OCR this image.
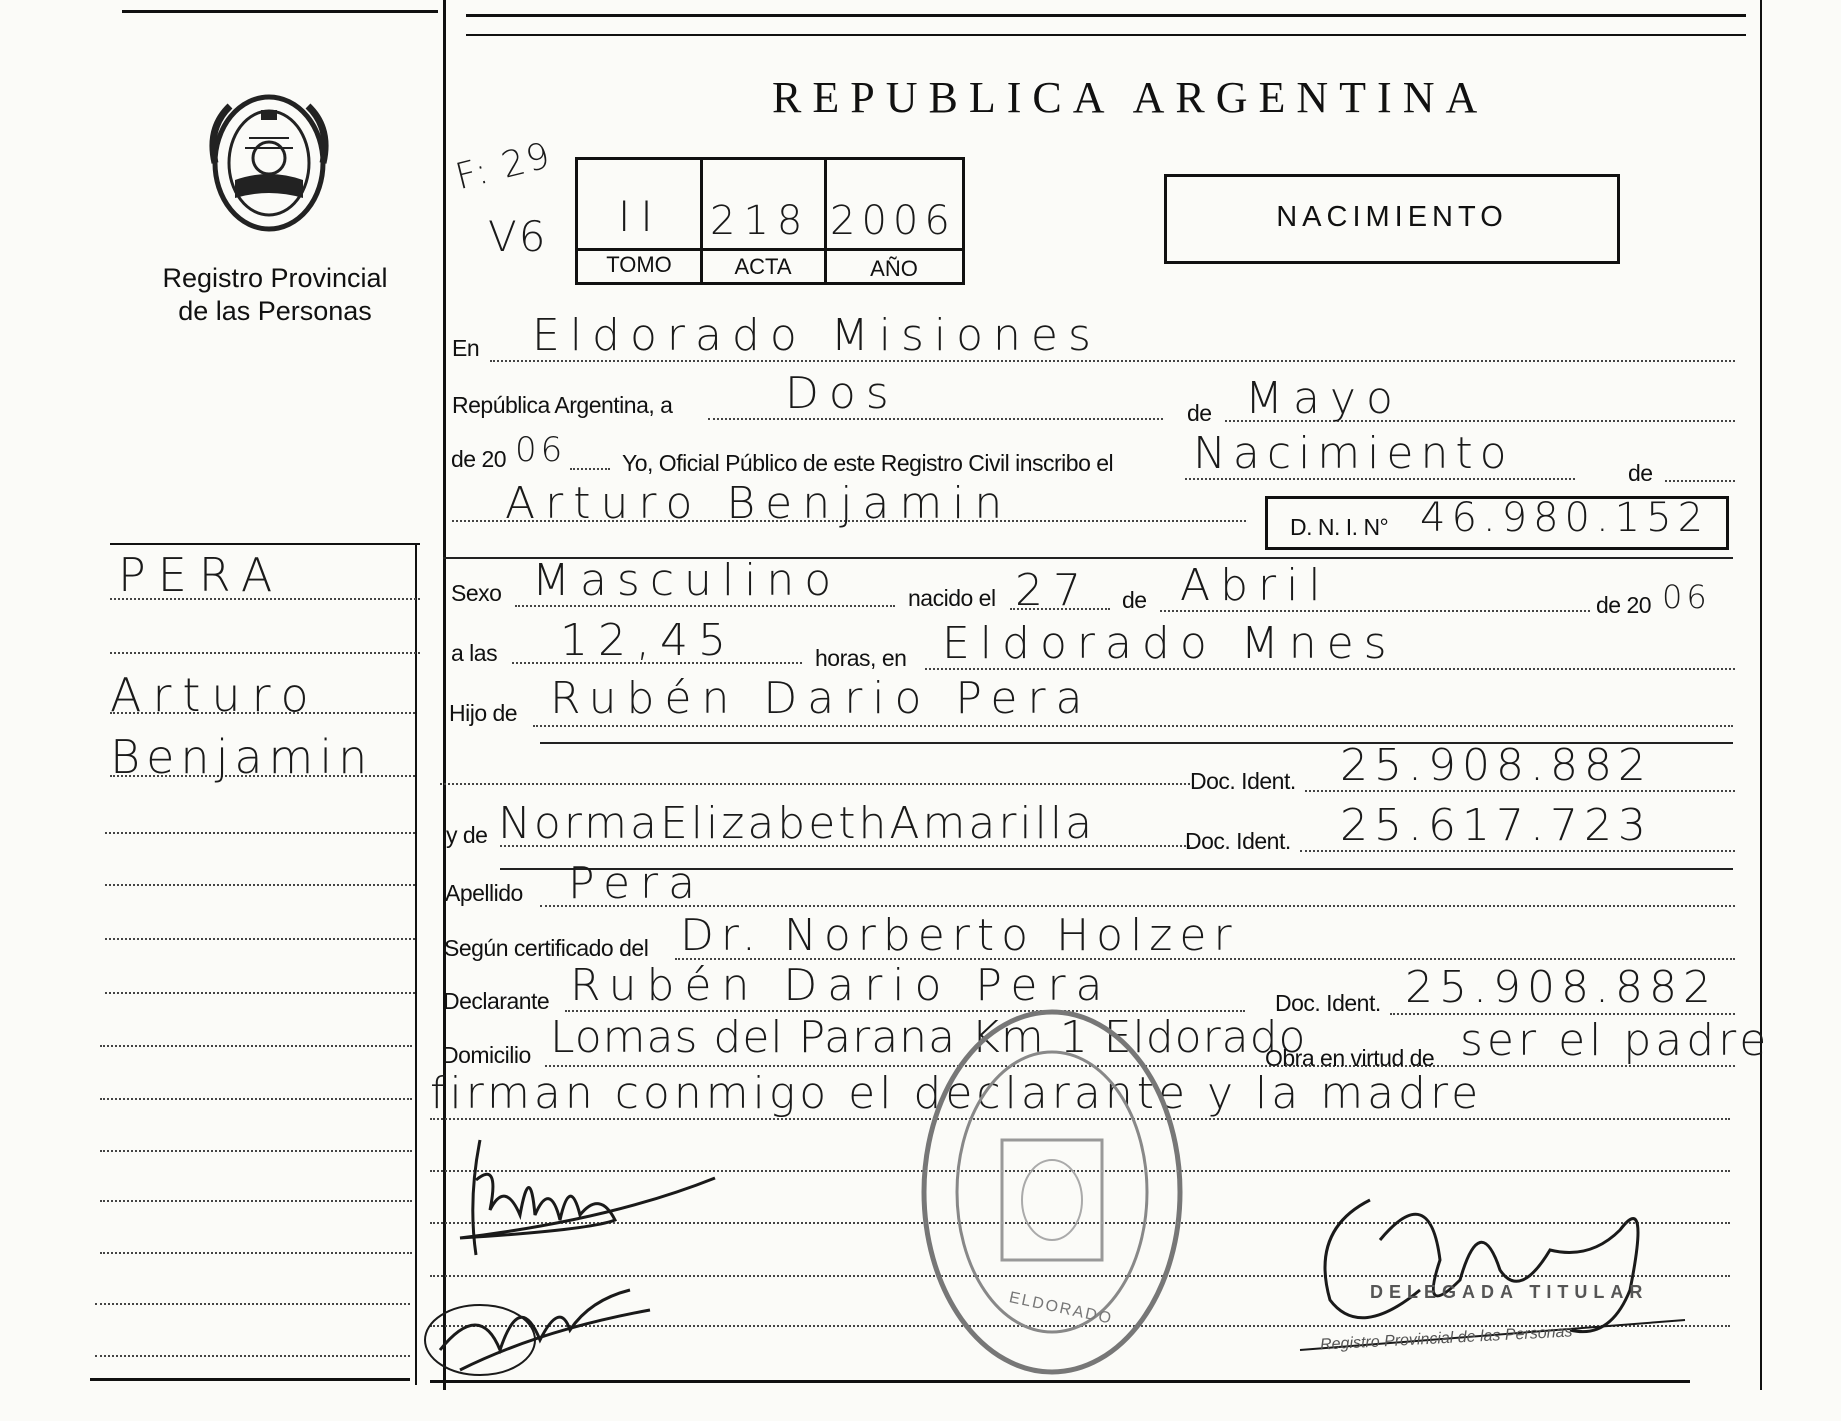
Registro Provincial
de las Personas
REPUBLICA ARGENTINA
F: 29
V6 II 218 2006
TOMO	ACTA	AÑO
NACIMIENTO
PERA
Arturo
Benjamin
En Eldorado Misiones
República Argentina, a	Dos	de Mayo
de 20 06 Yo, Oficial Público de este Registro Civil inscribo el Nacimiento	de
Arturo Benjamin	D. N. I. N° 46.980.152
Sexo Masculino	nacido el 27 de Abril	de 20 06
a las 12,45	horas, en Eldorado Mnes
Hijo de Rubén Dario Pera
Doc. Ident. 25.908.882
y de NormaElizabethAmarilla	Doc. Ident. 25.617.723
Apellido Pera
Según certificado del Dr. Norberto Holzer
Declarante Rubén Dario Pera	Doc. Ident. 25.908.882
Domicilio Lomas del Parana Km 1 Eldorado
Obra en virtud de ser el padre
firman conmigo el declarante y la madre
ELDORADO	DELEGADA TITULAR
Registro Provincial de las Personas
